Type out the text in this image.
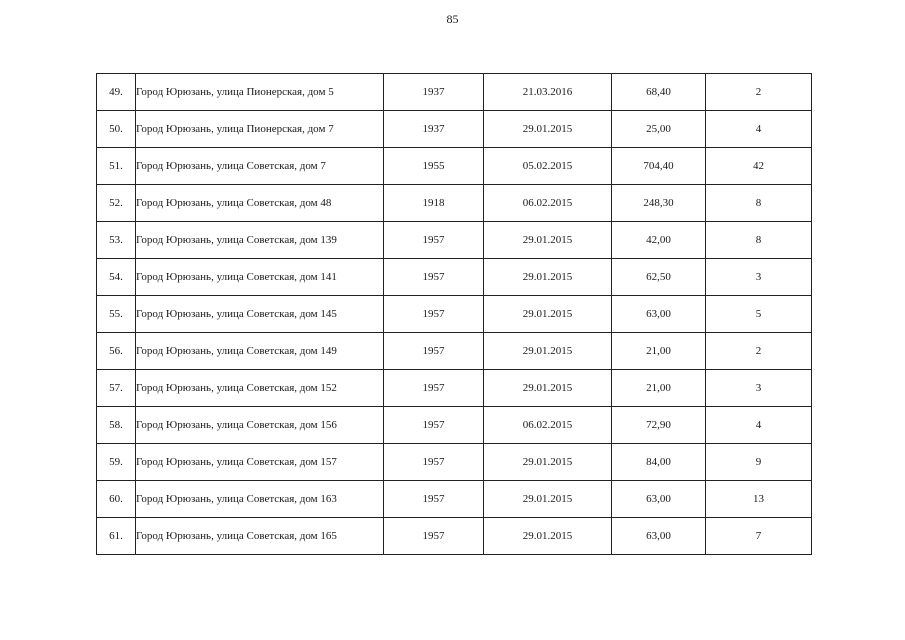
85
49.	Город Юрюзань, улица Пионерская, дом 5	1937	21.03.2016	68,40	2
50.	Город Юрюзань, улица Пионерская, дом 7	1937	29.01.2015	25,00	4
51.	Город Юрюзань, улица Советская, дом 7	1955	05.02.2015	704,40	42
52.	Город Юрюзань, улица Советская, дом 48	1918	06.02.2015	248,30	8
53.	Город Юрюзань, улица Советская, дом 139	1957	29.01.2015	42,00	8
54.	Город Юрюзань, улица Советская, дом 141	1957	29.01.2015	62,50	3
55.	Город Юрюзань, улица Советская, дом 145	1957	29.01.2015	63,00	5
56.	Город Юрюзань, улица Советская, дом 149	1957	29.01.2015	21,00	2
57.	Город Юрюзань, улица Советская, дом 152	1957	29.01.2015	21,00	3
58.	Город Юрюзань, улица Советская, дом 156	1957	06.02.2015	72,90	4
59.	Город Юрюзань, улица Советская, дом 157	1957	29.01.2015	84,00	9
60.	Город Юрюзань, улица Советская, дом 163	1957	29.01.2015	63,00	13
61.	Город Юрюзань, улица Советская, дом 165	1957	29.01.2015	63,00	7
